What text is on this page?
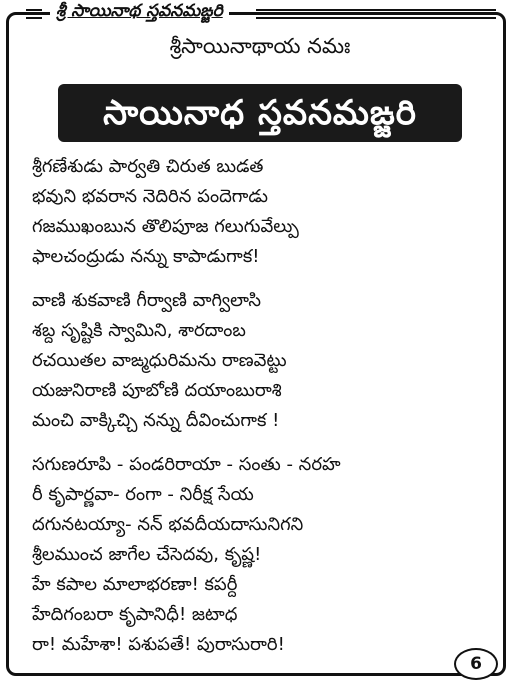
శ్రీ సాయినాథ స్తవనమఙ్జరి
శ్రీసాయినాథాయ నమః
సాయినాధ స్తవనమఙ్జరి
శ్రీగణేశుడు పార్వతి చిరుత బుడత
భవుని భవరాన నెదిరిన పందెగాడు
గజముఖంబున తొలిపూజ గలుగువేల్పు
ఫాలచంద్రుడు నన్ను కాపాడుగాక!
వాణి శుకవాణి గీర్వాణి వాగ్విలాసి
శబ్ద సృష్టికి స్వామిని, శారదాంబ
రచయితల వాఙ్మధురిమను రాణవెట్టు
యజునిరాణి పూబోణి దయాంబురాశి
మంచి వాక్కిచ్చి నన్ను దీవించుగాక !
సగుణరూపి - పండరిరాయా - సంతు - నరహ
రీ కృపార్ణవా- రంగా - నిరీక్ష సేయ
దగునటయ్యా- నన్ భవదీయదాసునిగని
శ్రీలముంచ జాగేల చేసెదవు, కృష్ణ!
హే కపాల మాలాభరణా! కపర్దీ
హేదిగంబరా కృపానిధీ! జటాధ
రా! మహేశా! పశుపతే! పురాసురారి!
6
